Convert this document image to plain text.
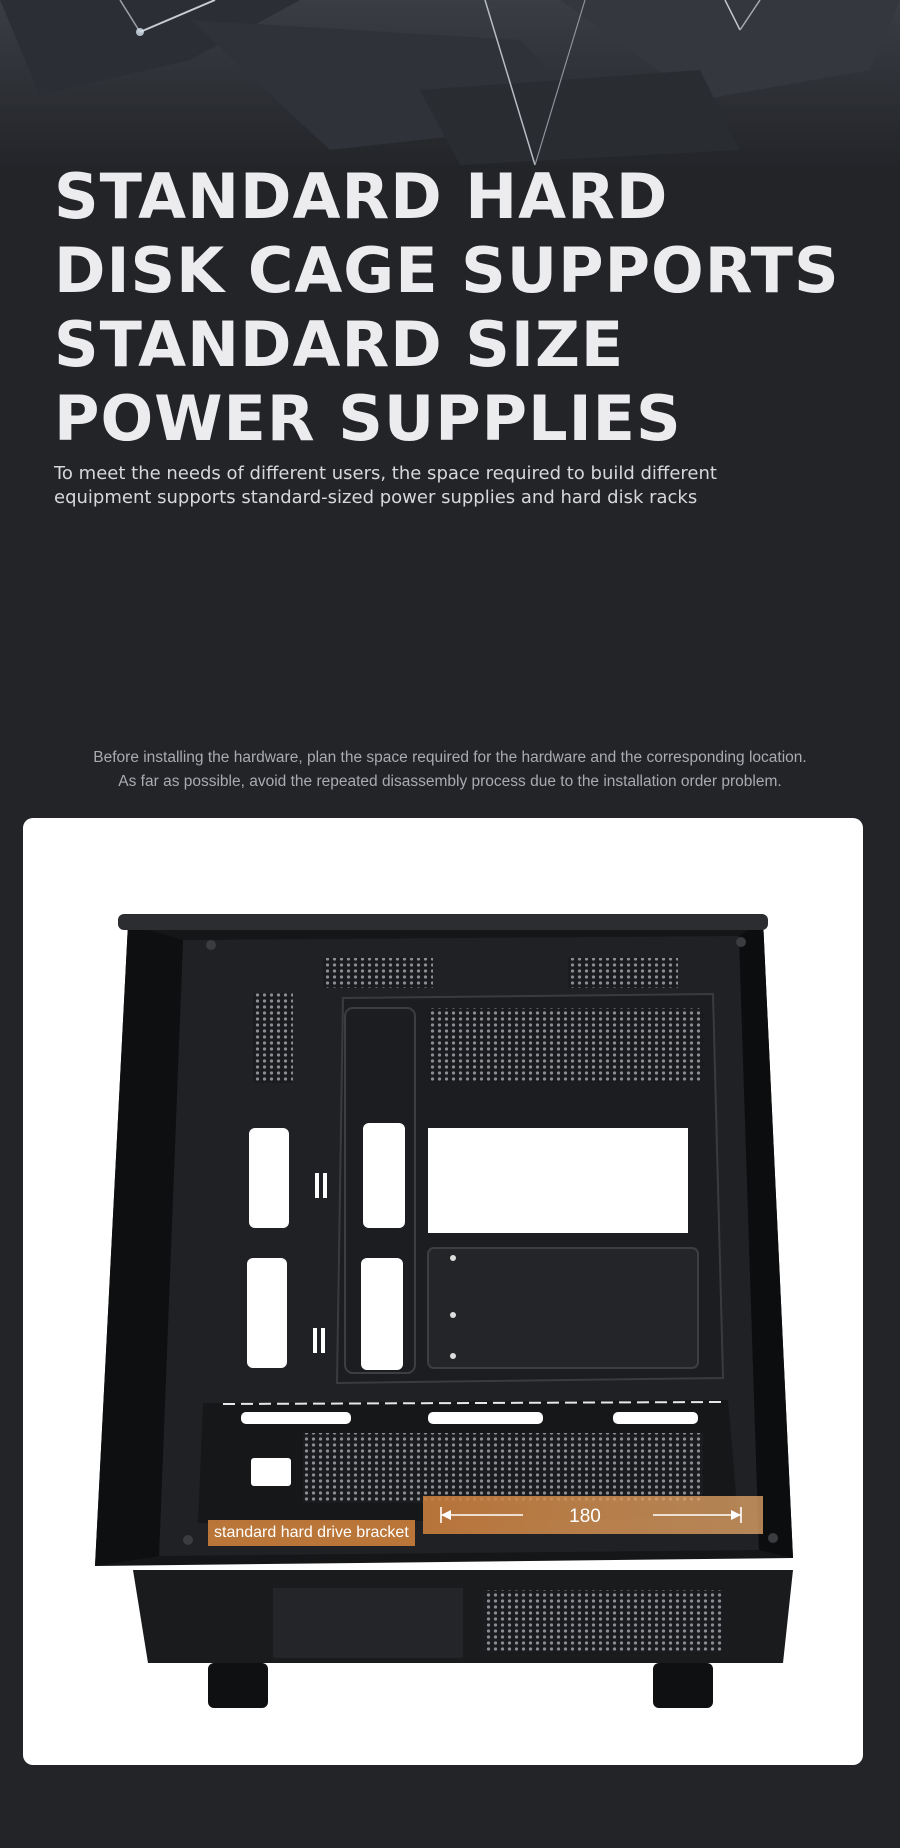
STANDARD HARD
DISK CAGE SUPPORTS
STANDARD SIZE
POWER SUPPLIES

To meet the needs of different users, the space required to build different
equipment supports standard-sized power supplies and hard disk racks

Before installing the hardware, plan the space required for the hardware and the corresponding location.
As far as possible, avoid the repeated disassembly process due to the installation order problem.
180
standard hard drive bracket
